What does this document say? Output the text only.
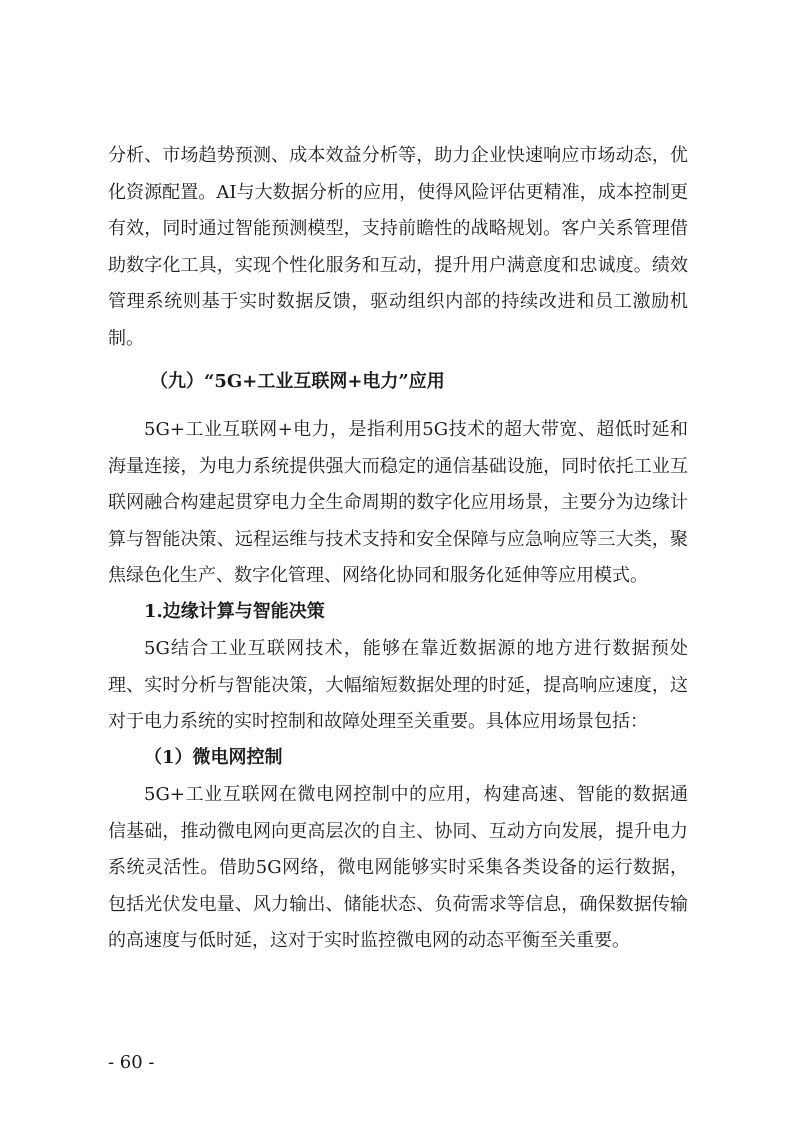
分析、市场趋势预测、成本效益分析等，助力企业快速响应市场动态，优化资源配置。AI与大数据分析的应用，使得风险评估更精准，成本控制更有效，同时通过智能预测模型，支持前瞻性的战略规划。客户关系管理借助数字化工具，实现个性化服务和互动，提升用户满意度和忠诚度。绩效管理系统则基于实时数据反馈，驱动组织内部的持续改进和员工激励机制。

（九）“5G+工业互联网+电力”应用

5G+工业互联网+电力，是指利用5G技术的超大带宽、超低时延和海量连接，为电力系统提供强大而稳定的通信基础设施，同时依托工业互联网融合构建起贯穿电力全生命周期的数字化应用场景，主要分为边缘计算与智能决策、远程运维与技术支持和安全保障与应急响应等三大类，聚焦绿色化生产、数字化管理、网络化协同和服务化延伸等应用模式。

1.边缘计算与智能决策

5G结合工业互联网技术，能够在靠近数据源的地方进行数据预处理、实时分析与智能决策，大幅缩短数据处理的时延，提高响应速度，这对于电力系统的实时控制和故障处理至关重要。具体应用场景包括：

（1）微电网控制

5G+工业互联网在微电网控制中的应用，构建高速、智能的数据通信基础，推动微电网向更高层次的自主、协同、互动方向发展，提升电力系统灵活性。借助5G网络，微电网能够实时采集各类设备的运行数据，包括光伏发电量、风力输出、储能状态、负荷需求等信息，确保数据传输的高速度与低时延，这对于实时监控微电网的动态平衡至关重要。

- 60 -
